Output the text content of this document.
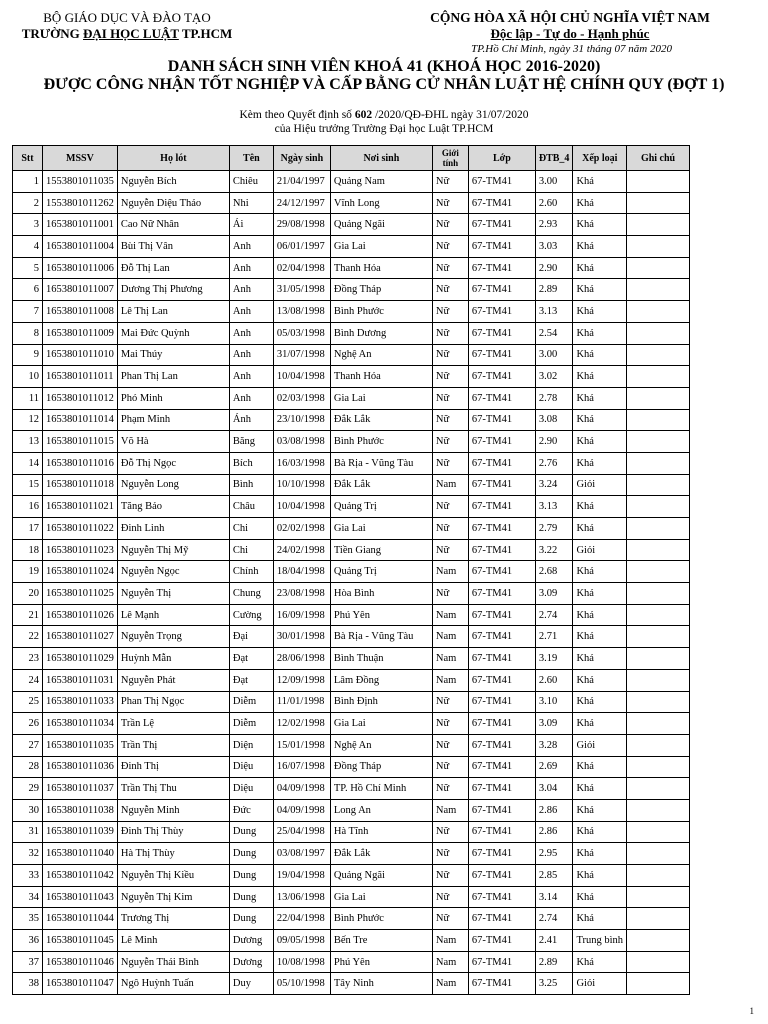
BỘ GIÁO DỤC VÀ ĐÀO TẠO
TRƯỜNG ĐẠI HỌC LUẬT TP.HCM
CỘNG HÒA XÃ HỘI CHỦ NGHĨA VIỆT NAM
Độc lập - Tự do - Hạnh phúc
TP.Hồ Chí Minh, ngày 31 tháng 07 năm 2020
DANH SÁCH SINH VIÊN KHOÁ 41 (KHOÁ HỌC 2016-2020)
ĐƯỢC CÔNG NHẬN TỐT NGHIỆP VÀ CẤP BẰNG CỬ NHÂN LUẬT HỆ CHÍNH QUY (ĐỢT 1)
Kèm theo Quyết định số 602 /2020/QĐ-ĐHL ngày 31/07/2020
của Hiệu trưởng Trường Đại học Luật TP.HCM
Stt	MSSV	Họ lót	Tên	Ngày sinh	Nơi sinh	Giới tính	Lớp	ĐTB_4	Xếp loại	Ghi chú
1	1553801011035	Nguyễn Bích	Chiêu	21/04/1997	Quảng Nam	Nữ	67-TM41	3.00	Khá	
2	1553801011262	Nguyễn Diệu Thảo	Nhi	24/12/1997	Vĩnh Long	Nữ	67-TM41	2.60	Khá	
3	1653801011001	Cao Nữ Nhân	Ái	29/08/1998	Quảng Ngãi	Nữ	67-TM41	2.93	Khá	
4	1653801011004	Bùi Thị Vân	Anh	06/01/1997	Gia Lai	Nữ	67-TM41	3.03	Khá	
5	1653801011006	Đỗ Thị Lan	Anh	02/04/1998	Thanh Hóa	Nữ	67-TM41	2.90	Khá	
6	1653801011007	Dương Thị Phương	Anh	31/05/1998	Đồng Tháp	Nữ	67-TM41	2.89	Khá	
7	1653801011008	Lê Thị Lan	Anh	13/08/1998	Bình Phước	Nữ	67-TM41	3.13	Khá	
8	1653801011009	Mai Đức Quỳnh	Anh	05/03/1998	Bình Dương	Nữ	67-TM41	2.54	Khá	
9	1653801011010	Mai Thúy	Anh	31/07/1998	Nghệ An	Nữ	67-TM41	3.00	Khá	
10	1653801011011	Phan Thị Lan	Anh	10/04/1998	Thanh Hóa	Nữ	67-TM41	3.02	Khá	
11	1653801011012	Phó Minh	Anh	02/03/1998	Gia Lai	Nữ	67-TM41	2.78	Khá	
12	1653801011014	Phạm Minh	Ánh	23/10/1998	Đắk Lắk	Nữ	67-TM41	3.08	Khá	
13	1653801011015	Võ Hà	Băng	03/08/1998	Bình Phước	Nữ	67-TM41	2.90	Khá	
14	1653801011016	Đỗ Thị Ngọc	Bích	16/03/1998	Bà Rịa - Vũng Tàu	Nữ	67-TM41	2.76	Khá	
15	1653801011018	Nguyễn Long	Bình	10/10/1998	Đắk Lắk	Nam	67-TM41	3.24	Giỏi	
16	1653801011021	Tăng Bảo	Châu	10/04/1998	Quảng Trị	Nữ	67-TM41	3.13	Khá	
17	1653801011022	Đinh Linh	Chi	02/02/1998	Gia Lai	Nữ	67-TM41	2.79	Khá	
18	1653801011023	Nguyễn Thị Mỹ	Chi	24/02/1998	Tiền Giang	Nữ	67-TM41	3.22	Giỏi	
19	1653801011024	Nguyễn Ngọc	Chính	18/04/1998	Quảng Trị	Nam	67-TM41	2.68	Khá	
20	1653801011025	Nguyễn Thị	Chung	23/08/1998	Hòa Bình	Nữ	67-TM41	3.09	Khá	
21	1653801011026	Lê Mạnh	Cường	16/09/1998	Phú Yên	Nam	67-TM41	2.74	Khá	
22	1653801011027	Nguyễn Trọng	Đại	30/01/1998	Bà Rịa - Vũng Tàu	Nam	67-TM41	2.71	Khá	
23	1653801011029	Huỳnh Mẫn	Đạt	28/06/1998	Bình Thuận	Nam	67-TM41	3.19	Khá	
24	1653801011031	Nguyễn Phát	Đạt	12/09/1998	Lâm Đồng	Nam	67-TM41	2.60	Khá	
25	1653801011033	Phan Thị Ngọc	Diễm	11/01/1998	Bình Định	Nữ	67-TM41	3.10	Khá	
26	1653801011034	Trần Lệ	Diễm	12/02/1998	Gia Lai	Nữ	67-TM41	3.09	Khá	
27	1653801011035	Trần Thị	Diện	15/01/1998	Nghệ An	Nữ	67-TM41	3.28	Giỏi	
28	1653801011036	Đinh Thị	Diệu	16/07/1998	Đồng Tháp	Nữ	67-TM41	2.69	Khá	
29	1653801011037	Trần Thị Thu	Diệu	04/09/1998	TP. Hồ Chí Minh	Nữ	67-TM41	3.04	Khá	
30	1653801011038	Nguyễn Minh	Đức	04/09/1998	Long An	Nam	67-TM41	2.86	Khá	
31	1653801011039	Đinh Thị Thùy	Dung	25/04/1998	Hà Tĩnh	Nữ	67-TM41	2.86	Khá	
32	1653801011040	Hà Thị Thùy	Dung	03/08/1997	Đắk Lắk	Nữ	67-TM41	2.95	Khá	
33	1653801011042	Nguyễn Thị Kiều	Dung	19/04/1998	Quảng Ngãi	Nữ	67-TM41	2.85	Khá	
34	1653801011043	Nguyễn Thị Kim	Dung	13/06/1998	Gia Lai	Nữ	67-TM41	3.14	Khá	
35	1653801011044	Trương Thị	Dung	22/04/1998	Bình Phước	Nữ	67-TM41	2.74	Khá	
36	1653801011045	Lê Minh	Dương	09/05/1998	Bến Tre	Nam	67-TM41	2.41	Trung bình	
37	1653801011046	Nguyễn Thái Bình	Dương	10/08/1998	Phú Yên	Nam	67-TM41	2.89	Khá	
38	1653801011047	Ngô Huỳnh Tuấn	Duy	05/10/1998	Tây Ninh	Nam	67-TM41	3.25	Giỏi	
1
